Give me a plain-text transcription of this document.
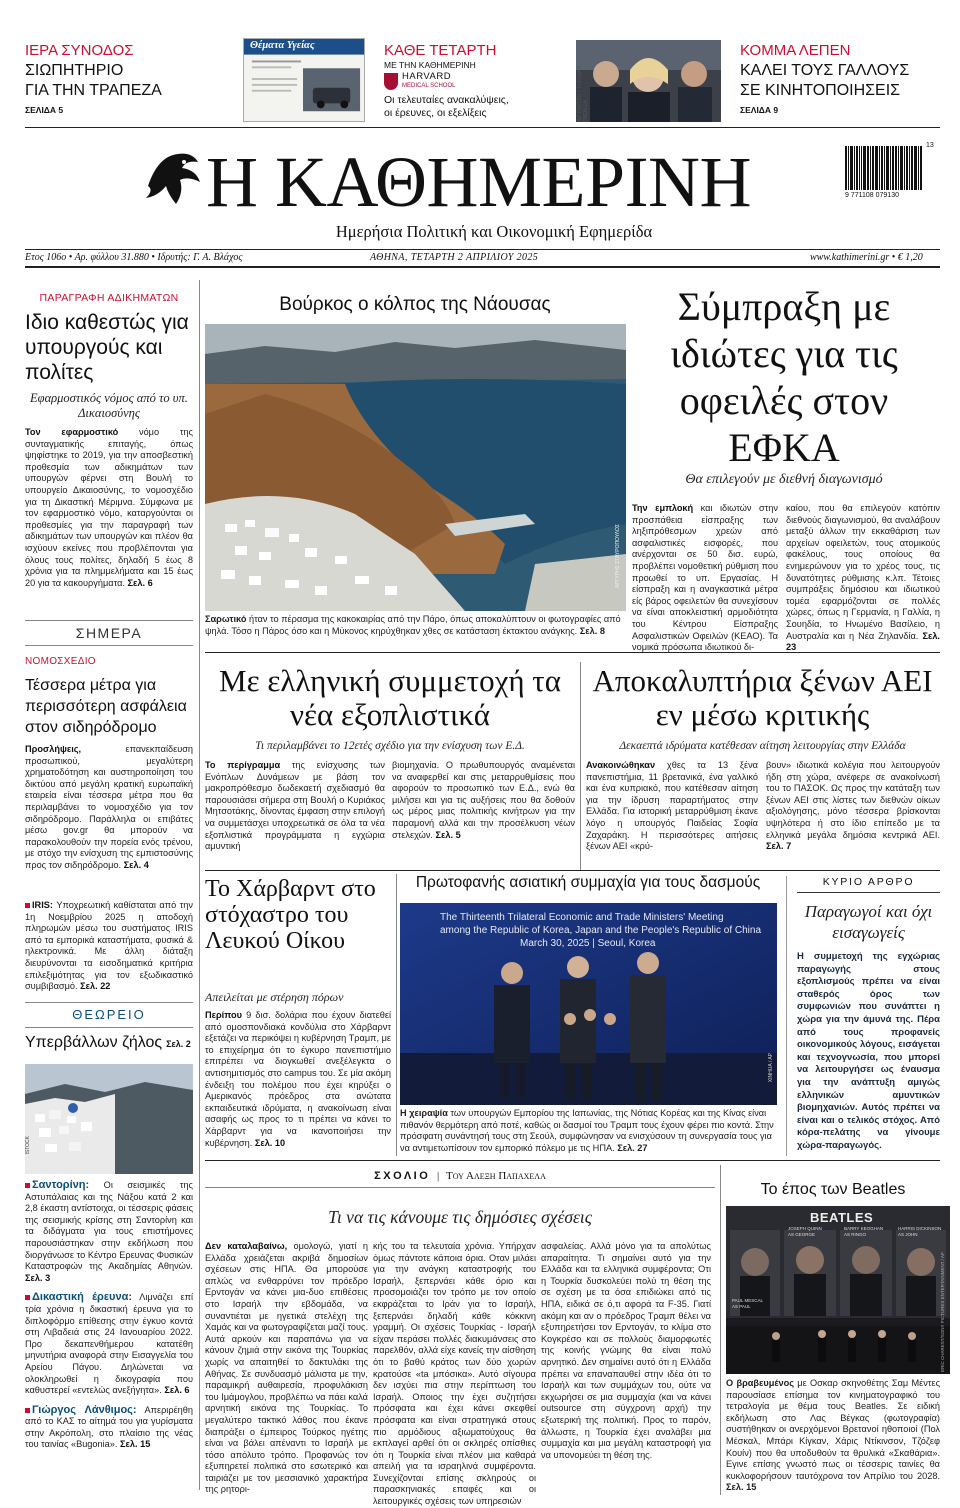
ΙΕΡΑ ΣΥΝΟΔΟΣ
ΣΙΩΠΗΤΗΡΙΟ
ΓΙΑ ΤΗΝ ΤΡΑΠΕΖΑ
ΣΕΛΙΔΑ 5
Θέματα Υγείας	ΚΑΘΕ ΤΕΤΑΡΤΗ
ΜΕ ΤΗΝ ΚΑΘΗΜΕΡΙΝΗ
HARVARD
MEDICAL SCHOOL
Οι τελευταίες ανακαλύψεις,
οι έρευνες, οι εξελίξεις	AP PHOTO / THOMAS PADILLA
ΚΟΜΜΑ ΛΕΠΕΝ
ΚΑΛΕΙ ΤΟΥΣ ΓΑΛΛΟΥΣ
ΣΕ ΚΙΝΗΤΟΠΟΙΗΣΕΙΣ
ΣΕΛΙΔΑ 9
Η ΚΑΘΗΜΕΡΙΝΗ
Ημερήσια Πολιτική και Οικονομική Εφημερίδα
9 771108 079130
13
Ετος 106ο • Αρ. φύλλου 31.880 • Ιδρυτής: Γ. Α. Βλάχος	ΑΘΗΝΑ, ΤΕΤΑΡΤΗ 2 ΑΠΡΙΛΙΟΥ 2025	www.kathimerini.gr • € 1,20
ΠΑΡΑΓΡΑΦΗ ΑΔΙΚΗΜΑΤΩΝ
Ιδιο καθεστώς για υπουργούς και πολίτες
Εφαρμοστικός νόμος από το υπ. Δικαιοσύνης
Τον εφαρμοστικό νόμο της συνταγματικής επιταγής, όπως ψηφίστηκε το 2019, για την αποσβεστική προθεσμία των αδικημάτων των υπουργών φέρνει στη Βουλή το υπουργείο Δικαιοσύνης, το νομοσχέδιο για τη Δικαστική Μέριμνα. Σύμφωνα με τον εφαρμοστικό νόμο, καταργούνται οι προθεσμίες για την παραγραφή των αδικημάτων των υπουργών και πλέον θα ισχύουν εκείνες που προβλέπονται για όλους τους πολίτες, δηλαδή 5 έως 8 χρόνια για τα πλημμελήματα και 15 έως 20 για τα κακουργήματα. Σελ. 6
ΣΗΜΕΡΑ
ΝΟΜΟΣΧΕΔΙΟ
Τέσσερα μέτρα για περισσότερη ασφάλεια στον σιδηρόδρομο
Προσλήψεις, επανεκπαίδευση προσωπικού, μεγαλύτερη χρηματοδότηση και αυστηροποίηση του δικτύου από μεγάλη κρατική ευρωπαϊκή εταιρεία είναι τέσσερα μέτρα που θα περιλαμβάνει το νομοσχέδιο για τον σιδηρόδρομο. Παράλληλα οι επιβάτες μέσω gov.gr θα μπορούν να παρακολουθούν την πορεία ενός τρένου, με στόχο την ενίσχυση της εμπιστοσύνης προς τον σιδηρόδρομο. Σελ. 4
IRIS: Υποχρεωτική καθίσταται από την 1η Νοεμβρίου 2025 η αποδοχή πληρωμών μέσω του συστήματος IRIS από τα εμπορικά καταστήματα, φυσικά & ηλεκτρονικά. Με άλλη διάταξη διευρύνονται τα εισοδηματικά κριτήρια επιλεξιμότητας για τον εξωδικαστικό συμβιβασμό. Σελ. 22
ΘΕΩΡΕΙΟ
Υπερβάλλων ζήλος Σελ. 2
ISTOCK
Σαντορίνη: Οι σεισμικές της Αστυπάλαιας και της Νάξου κατά 2 και 2,8 έκαστη αντίστοιχα, οι τέσσερις φάσεις της σεισμικής κρίσης στη Σαντορίνη και τα διδάγματα για τους επιστήμονες παρουσιάστηκαν στην εκδήλωση που διοργάνωσε το Κέντρο Ερευνας Φυσικών Καταστροφών της Ακαδημίας Αθηνών. Σελ. 3
Δικαστική έρευνα: Λιμνάζει επί τρία χρόνια η δικαστική έρευνα για το διπλοφόρμο επίθεσης στην έγκυο κοντά στη Λιβαδειά στις 24 Ιανουαρίου 2022. Προ δεκαπενθήμερου κατατέθη μηνυτήρια αναφορά στην Εισαγγελία του Αρείου Πάγου. Δηλώνεται να ολοκληρωθεί η δικογραφία που καθυστερεί «εντελώς ανεξήγητα». Σελ. 6
Γιώργος Λάνθιμος: Απεριρέηθη από το ΚΑΣ το αίτημά του για γυρίσματα στην Ακρόπολη, στο πλαίσιο της νέας του ταινίας «Bugonia». Σελ. 15
Βούρκος ο κόλπος της Νάουσας
ΑΡΓΥΡΗΣ ΣΤΑΥΡΟΠΟΥΛΟΣ
Σαρωτικό ήταν το πέρασμα της κακοκαιρίας από την Πάρο, όπως αποκαλύπτουν οι φωτογραφίες από ψηλά. Τόσο η Πάρος όσο και η Μύκονος κηρύχθηκαν χθες σε κατάσταση έκτακτου ανάγκης. Σελ. 8
Σύμπραξη με ιδιώτες για τις οφειλές στον ΕΦΚΑ
Θα επιλεγούν με διεθνή διαγωνισμό
Την εμπλοκή και ιδιωτών στην προσπάθεια είσπραξης των ληξιπρόθεσμων χρεών από ασφαλιστικές εισφορές, που ανέρχονται σε 50 δισ. ευρώ, προβλέπει νομοθετική ρύθμιση που προωθεί το υπ. Εργασίας. Η είσπραξη και η αναγκαστικά μέτρα είς βάρος οφειλετών θα συνεχίσουν να είναι αποκλειστική αρμοδιότητα του Κέντρου Είσπραξης Ασφαλιστικών Οφειλών (ΚΕΑΟ). Τα νομικά πρόσωπα ιδιωτικού δι-
καίου, που θα επιλεγούν κατόπιν διεθνούς διαγωνισμού, θα αναλάβουν μεταξύ άλλων την εκκαθάριση των αρχείων οφειλετών, τους ατομικούς φακέλους, τους οποίους θα ενημερώνουν για το χρέος τους, τις δυνατότητες ρύθμισης κ.λπ. Τέτοιες συμπράξεις δημόσιου και ιδιωτικού τομέα εφαρμόζονται σε πολλές χώρες, όπως η Γερμανία, η Γαλλία, η Σουηδία, το Ηνωμένο Βασίλειο, η Αυστραλία και η Νέα Ζηλανδία. Σελ. 23
Με ελληνική συμμετοχή τα νέα εξοπλιστικά
Τι περιλαμβάνει το 12ετές σχέδιο για την ενίσχυση των Ε.Δ.
Το περίγραμμα της ενίσχυσης των Ενόπλων Δυνάμεων με βάση τον μακροπρόθεσμο δωδεκαετή σχεδιασμό θα παρουσιάσει σήμερα στη Βουλή ο Κυριάκος Μητσοτάκης, δίνοντας έμφαση στην επιλογή να συμμετάσχει υποχρεωτικά σε όλα τα νέα εξοπλιστικά προγράμματα η εγχώρια αμυντική
βιομηχανία. Ο πρωθυπουργός αναμένεται να αναφερθεί και στις μεταρρυθμίσεις που αφορούν το προσωπικό των Ε.Δ., ενώ θα μιλήσει και για τις αυξήσεις που θα δοθούν ως μέρος μιας πολιτικής κινήτρων για την παραμονή αλλά και την προσέλκυση νέων στελεχών. Σελ. 5
Αποκαλυπτήρια ξένων ΑΕΙ εν μέσω κριτικής
Δεκαεπτά ιδρύματα κατέθεσαν αίτηση λειτουργίας στην Ελλάδα
Ανακοινώθηκαν χθες τα 13 ξένα πανεπιστήμια, 11 βρετανικά, ένα γαλλικό και ένα κυπριακό, που κατέθεσαν αίτηση για την ίδρυση παραρτήματος στην Ελλάδα. Για ιστορική μεταρρύθμιση έκανε λόγο η υπουργός Παιδείας Σοφία Ζαχαράκη. Η περισσότερες αιτήσεις ξένων ΑΕΙ «κρύ-
βουν» ιδιωτικά κολέγια που λειτουργούν ήδη στη χώρα, ανέφερε σε ανακοίνωσή του το ΠΑΣΟΚ. Ως προς την κατάταξη των ξένων ΑΕΙ στις λίστες των διεθνών οίκων αξιολόγησης, μόνο τέσσερα βρίσκονται υψηλότερα ή στο ίδιο επίπεδο με τα ελληνικά μεγάλα δημόσια κεντρικά ΑΕΙ. Σελ. 7
Το Χάρβαρντ στο στόχαστρο του Λευκού Οίκου
Απειλείται με στέρηση πόρων
Περίπου 9 δισ. δολάρια που έχουν διατεθεί από ομοσπονδιακά κονδύλια στο Χάρβαρντ εξετάζει να περικόψει η κυβέρνηση Τραμπ, με το επιχείρημα ότι το έγκυρο πανεπιστήμιο επιτρέπει να διογκωθεί ανεξέλεγκτα ο αντισημιτισμός στο campus του. Σε μία ακόμη ένδειξη του πολέμου που έχει κηρύξει ο Αμερικανός πρόεδρος στα ανώτατα εκπαιδευτικά ιδρύματα, η ανακοίνωση είναι ασαφής ως προς το τι πρέπει να κάνει το Χάρβαρντ για να ικανοποιήσει την κυβέρνηση. Σελ. 10
Πρωτοφανής ασιατική συμμαχία για τους δασμούς
The Thirteenth Trilateral Economic and Trade Ministers' Meeting
among the Republic of Korea, Japan and the People's Republic of China
March 30, 2025 | Seoul, Korea
XINHUA / AP
Η χειραψία των υπουργών Εμπορίου της Ιαπωνίας, της Νότιας Κορέας και της Κίνας είναι πιθανόν θερμότερη από ποτέ, καθώς οι δασμοί του Τραμπ τους έχουν φέρει πιο κοντά. Στην πρόσφατη συνάντησή τους στη Σεούλ, συμφώνησαν να ενισχύσουν τη συνεργασία τους για να αντιμετωπίσουν τον εμπορικό πόλεμο με τις ΗΠΑ. Σελ. 27
ΚΥΡΙΟ ΑΡΘΡΟ
Παραγωγοί και όχι εισαγωγείς
Η συμμετοχή της εγχώριας παραγωγής στους εξοπλισμούς πρέπει να είναι σταθερός όρος των συμφωνιών που συνάπτει η χώρα για την άμυνά της. Πέρα από τους προφανείς οικονομικούς λόγους, εισάγεται και τεχνογνωσία, που μπορεί να λειτουργήσει ως έναυσμα για την ανάπτυξη αμιγώς ελληνικών αμυντικών βιομηχανιών. Αυτός πρέπει να είναι και ο τελικός στόχος. Από κόρα-πελάτης να γίνουμε χώρα-παραγωγός.
ΣΧΟΛΙΟ | Του Αλεξη Παπαχελα
Τι να τις κάνουμε τις δημόσιες σχέσεις
Δεν καταλαβαίνω, ομολογώ, γιατί η Ελλάδα χρειάζεται ακριβά δημοσίων σχέσεων στις ΗΠΑ. Θα μπορούσε απλώς να ενθαρρύνει τον πρόεδρο Ερντογάν να κάνει μια-δυο επιθέσεις στο Ισραήλ την εβδομάδα, να συναντιέται με ηγετικά στελέχη της Χαμάς και να φωτογραφίζεται μαζί τους. Αυτά αρκούν και παραπάνω για να κάνουν ζημιά στην εικόνα της Τουρκίας χωρίς να απαιτηθεί το δακτυλάκι της Αθήνας. Σε συνδυασμό μάλιστα με την, παραμικρή αυθαιρεσία, προφυλάκιση του Ιμάμογλου, προβλέπω να πάει καλά αρνητική εικόνα της Τουρκίας. Το μεγαλύτερο τακτικό λάθος που έκανε διαπράξει ο έμπειρος Τούρκος ηγέτης είναι να βάλει απέναντι το Ισραήλ με τόσο απόλυτο τρόπο. Προφανώς τον εξυπηρετεί πολιτικά στο εσωτερικό και ταιριάζει με τον μεσσιανικό χαρακτήρα της ρητορι-
κής του τα τελευταία χρόνια. Υπήρχαν όμως πάντοτε κάποια όρια. Οταν μιλάει για την ανάγκη καταστροφής του Ισραήλ, ξεπερνάει κάθε όριο και προσομοιάζει τον τρόπο με τον οποίο εκφράζεται το Ιράν για το Ισραήλ, ξεπερνάει δηλαδή κάθε κόκκινη γραμμή. Οι σχέσεις Τουρκίας - Ισραήλ είχαν περάσει πολλές διακυμάνσεις στο παρελθόν, αλλά είχε κανείς την αίσθηση ότι το βαθύ κράτος των δύο χωρών κρατούσε «ta μπόσικα». Αυτό σίγουρα δεν ισχύει πια στην περίπτωση του Ισραήλ. Οποιος την έχει συζητήσει πρόσφατα και έχει κάνει σκεφθεί πρόσφατα και είναι στρατηγικά στους πιο αρμόδιους αξιωματούχους θα εκπλαγεί αρθεί ότι οι σκληρές οπίσθιες ότι η Τουρκία είναι πλέον μια καθαρά απειλή για τα ισραηλινά συμφέροντα. Συνεχίζονται επίσης σκληρούς οι παρασκηνιακές επαφές και οι λειτουργικές σχέσεις των υπηρεσιών
ασφαλείας. Αλλά μόνο για τα απολύτως απαραίτητα. Τι σημαίνει αυτό για την Ελλάδα και τα ελληνικά συμφέροντα; Οτι η Τουρκία δυσκολεύει πολύ τη θέση της σε σχέση με τα όσα επιδιώκει από τις ΗΠΑ, ειδικά σε ό,τι αφορά τα F-35. Γιατί ακόμη και αν ο πρόεδρος Τραμπ θέλει να εξυπηρετήσει τον Ερντογάν, το κλίμα στο Κογκρέσο και σε πολλούς διαμορφωτές της κοινής γνώμης θα είναι πολύ αρνητικό. Δεν σημαίνει αυτό ότι η Ελλάδα πρέπει να επαναπαυθεί στην ιδέα ότι το Ισραήλ και των συμμάχων του, ούτε να εκχωρήσει σε μια συμμαχία (και να κάνει outsource στη σύγχρονη αρχή) την εξωτερική της πολιτική. Προς το παρόν, άλλωστε, η Τουρκία έχει αναλάβει μια συμμαχία και μια μεγάλη καταστροφή για να υπονομεύει τη θέση της.
Το έπος των Beatles
BEATLES
PAUL MESCAL
AS PAUL
JOSEPH QUINN
AS GEORGE
BARRY KEOGHAN
AS RINGO
HARRIS DICKINSON
AS JOHN
ERIC CHAREST/SONY PICTURES ENTERTAINMENT / AP
Ο βραβευμένος με Οσκαρ σκηνοθέτης Σαμ Μέντες παρουσίασε επίσημα τον κινηματογραφικό του τετραλογία με θέμα τους Beatles. Σε ειδική εκδήλωση στο Λας Βέγκας (φωτογραφία) συστήθηκαν οι ανερχόμενοι Βρετανοί ηθοποιοί (Πολ Μέσκαλ, Μπάρι Κίγκαν, Χάρις Ντίκινσον, Τζόζεφ Κουίν) που θα υποδυθούν τα θρυλικά «Σκαθάρια». Εγινε επίσης γνωστό πως οι τέσσερις ταινίες θα κυκλοφορήσουν ταυτόχρονα τον Απρίλιο του 2028. Σελ. 15
